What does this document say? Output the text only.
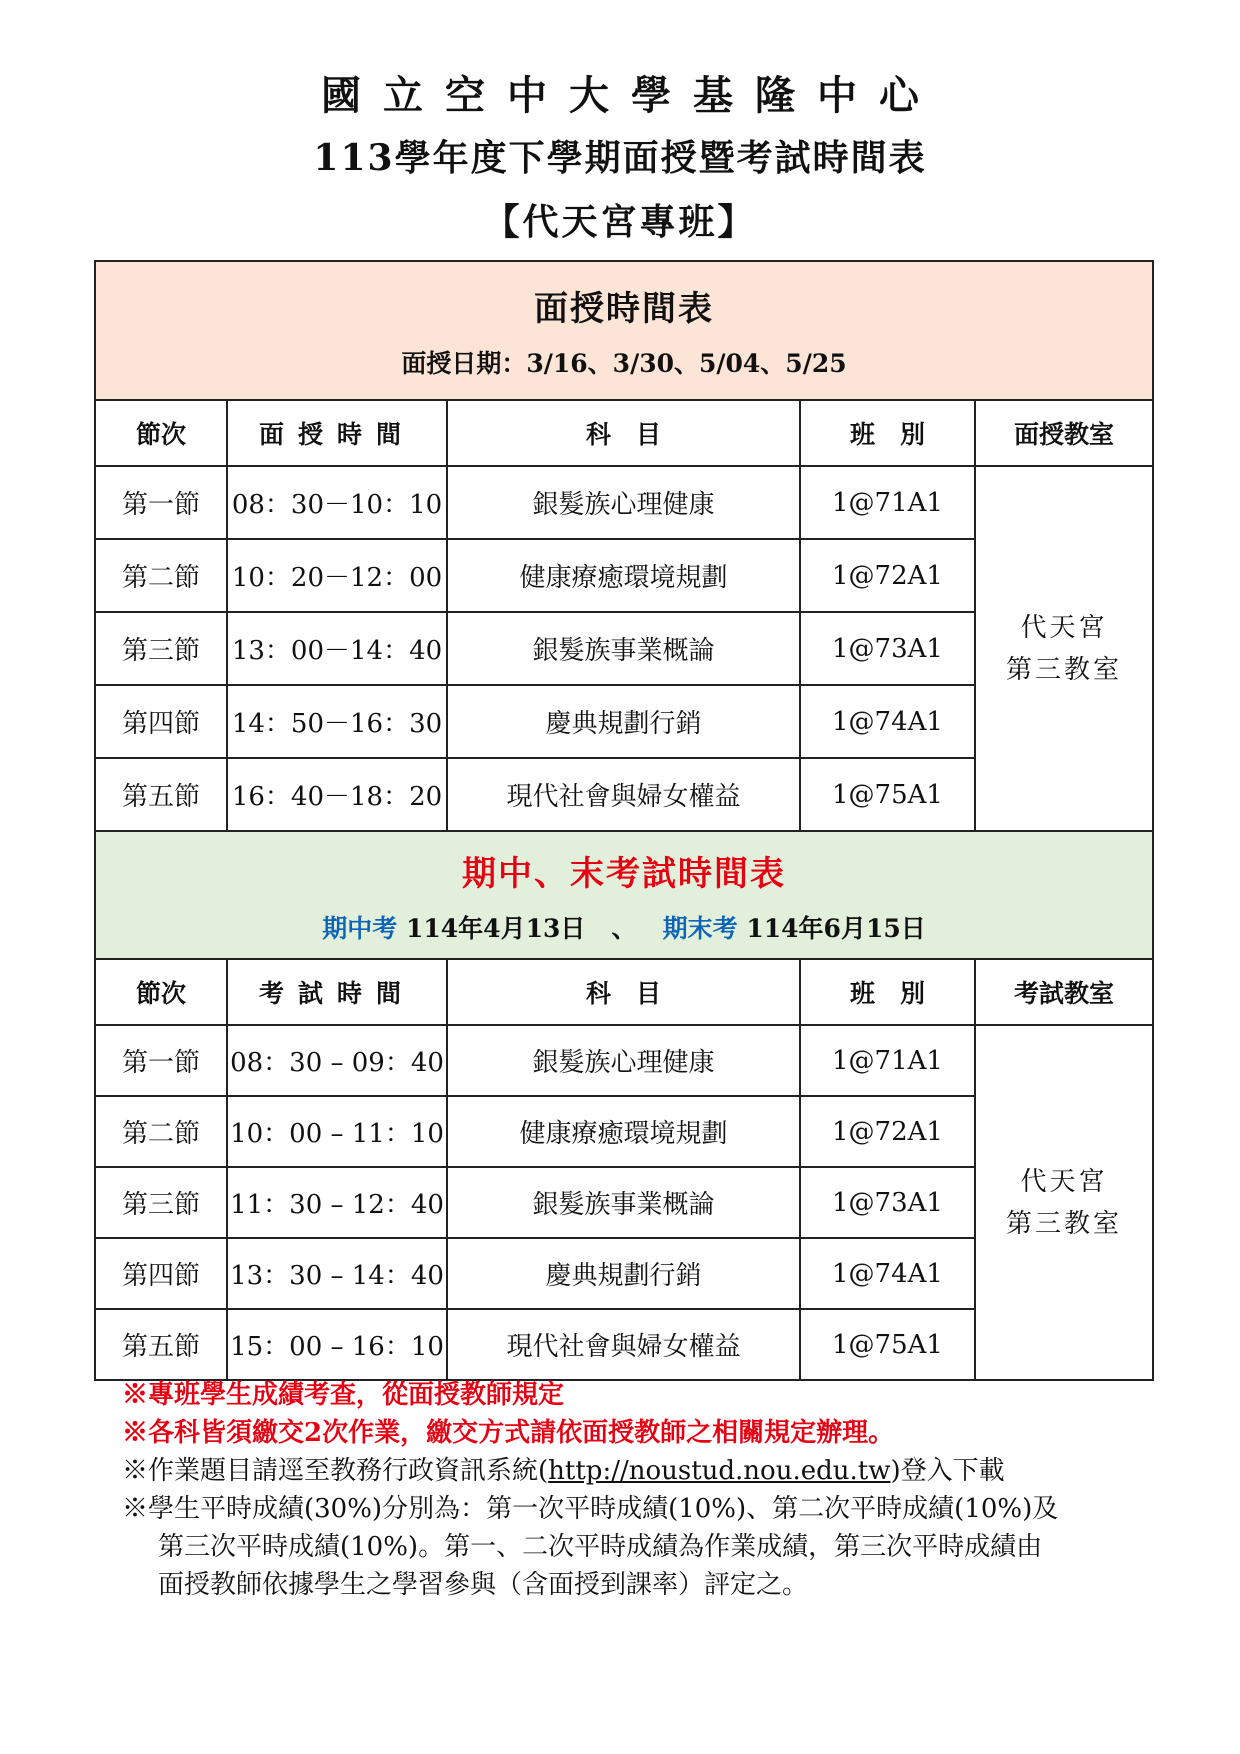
國立空中大學基隆中心
113學年度下學期面授暨考試時間表
【代天宮專班】
面授時間表
面授日期：3/16、3/30、5/04、5/25				

節次	面授時間	科　目	班　別	面授教室
第一節	08：30－10：10	銀髮族心理健康	1@71A1	代天宮
第三教室
第二節	10：20－12：00	健康療癒環境規劃	1@72A1	
第三節	13：00－14：40	銀髮族事業概論	1@73A1	
第四節	14：50－16：30	慶典規劃行銷	1@74A1	
第五節	16：40－18：20	現代社會與婦女權益	1@75A1	

期中、末考試時間表
期中考 114年4月13日 、 期末考 114年6月15日				

節次	考試時間	科　目	班　別	考試教室
第一節	08：30 – 09：40	銀髮族心理健康	1@71A1	代天宮
第三教室
第二節	10：00 – 11：10	健康療癒環境規劃	1@72A1	
第三節	11：30 – 12：40	銀髮族事業概論	1@73A1	
第四節	13：30 – 14：40	慶典規劃行銷	1@74A1	
第五節	15：00 – 16：10	現代社會與婦女權益	1@75A1	
※專班學生成績考查，從面授教師規定
※各科皆須繳交2次作業，繳交方式請依面授教師之相關規定辦理。
※作業題目請逕至教務行政資訊系統(http://noustud.nou.edu.tw)登入下載
※學生平時成績(30%)分別為：第一次平時成績(10%)、第二次平時成績(10%)及
第三次平時成績(10%)。第一、二次平時成績為作業成績，第三次平時成績由
面授教師依據學生之學習參與（含面授到課率）評定之。
